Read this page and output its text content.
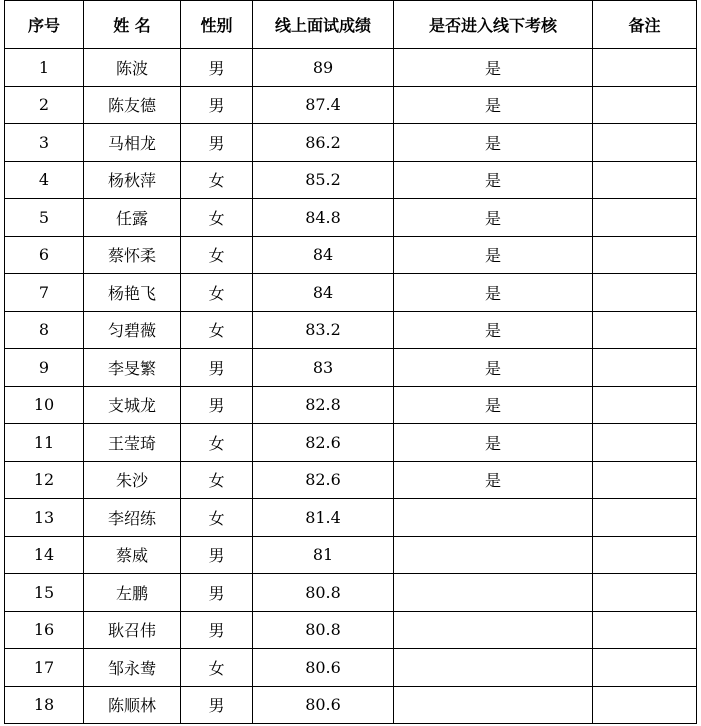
序号	姓 名	性别	线上面试成绩	是否进入线下考核	备注
1	陈波	男	89	是	
2	陈友德	男	87.4	是	
3	马相龙	男	86.2	是	
4	杨秋萍	女	85.2	是	
5	任露	女	84.8	是	
6	蔡怀柔	女	84	是	
7	杨艳飞	女	84	是	
8	匀碧薇	女	83.2	是	
9	李旻繁	男	83	是	
10	支城龙	男	82.8	是	
11	王莹琦	女	82.6	是	
12	朱沙	女	82.6	是	
13	李绍练	女	81.4		
14	蔡威	男	81		
15	左鹏	男	80.8		
16	耿召伟	男	80.8		
17	邹永鸯	女	80.6		
18	陈顺林	男	80.6		
